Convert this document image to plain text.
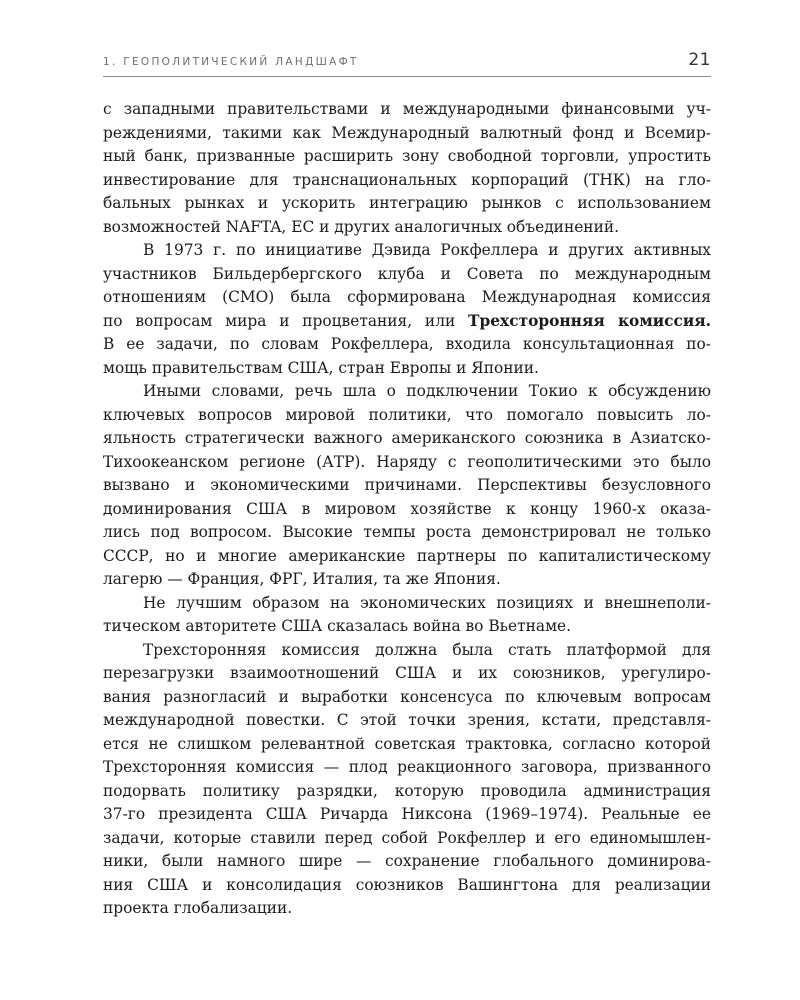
1. ГЕОПОЛИТИЧЕСКИЙ ЛАНДШАФТ	21
с западными правительствами и международными финансовыми уч-
реждениями, такими как Международный валютный фонд и Всемир-
ный банк, призванные расширить зону свободной торговли, упростить
инвестирование для транснациональных корпораций (ТНК) на гло-
бальных рынках и ускорить интеграцию рынков с использованием
возможностей NAFTA, ЕС и других аналогичных объединений.
В 1973 г. по инициативе Дэвида Рокфеллера и других активных
участников Бильдербергского клуба и Совета по международным
отношениям (СМО) была сформирована Международная комиссия
по вопросам мира и процветания, или Трехсторонняя комиссия.
В ее задачи, по словам Рокфеллера, входила консультационная по-
мощь правительствам США, стран Европы и Японии.
Иными словами, речь шла о подключении Токио к обсуждению
ключевых вопросов мировой политики, что помогало повысить ло-
яльность стратегически важного американского союзника в Азиатско-
Тихоокеанском регионе (АТР). Наряду с геополитическими это было
вызвано и экономическими причинами. Перспективы безусловного
доминирования США в мировом хозяйстве к концу 1960-х оказа-
лись под вопросом. Высокие темпы роста демонстрировал не только
СССР, но и многие американские партнеры по капиталистическому
лагерю — Франция, ФРГ, Италия, та же Япония.
Не лучшим образом на экономических позициях и внешнеполи-
тическом авторитете США сказалась война во Вьетнаме.
Трехсторонняя комиссия должна была стать платформой для
перезагрузки взаимоотношений США и их союзников, урегулиро-
вания разногласий и выработки консенсуса по ключевым вопросам
международной повестки. С этой точки зрения, кстати, представля-
ется не слишком релевантной советская трактовка, согласно которой
Трехсторонняя комиссия — плод реакционного заговора, призванного
подорвать политику разрядки, которую проводила администрация
37-го президента США Ричарда Никсона (1969–1974). Реальные ее
задачи, которые ставили перед собой Рокфеллер и его единомышлен-
ники, были намного шире — сохранение глобального доминирова-
ния США и консолидация союзников Вашингтона для реализации
проекта глобализации.
